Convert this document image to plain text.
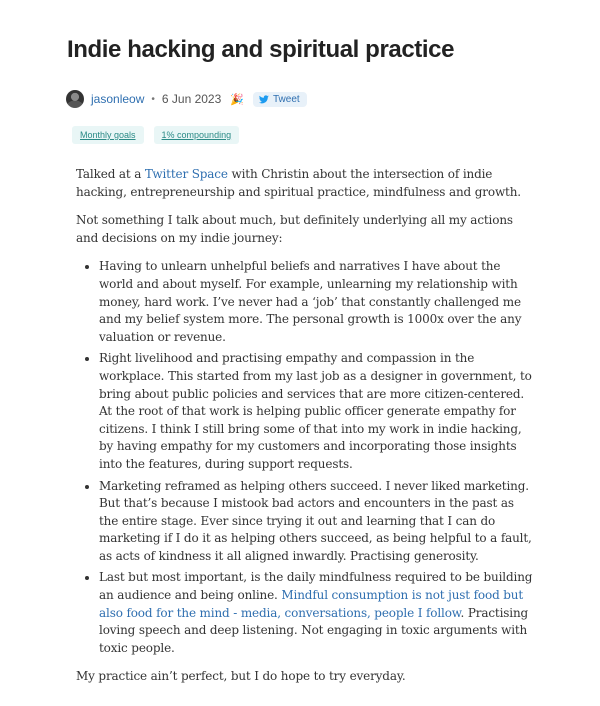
Indie hacking and spiritual practice
jasonleow • 6 Jun 2023 🎉	Tweet
Monthly goals	1% compounding

Talked at a Twitter Space with Christin about the intersection of indie hacking, entrepreneurship and spiritual practice, mindfulness and growth.

Not something I talk about much, but definitely underlying all my actions and decisions on my indie journey:

• Having to unlearn unhelpful beliefs and narratives I have about the world and about myself. For example, unlearning my relationship with money, hard work. I’ve never had a ‘job’ that constantly challenged me and my belief system more. The personal growth is 1000x over the any valuation or revenue.
• Right livelihood and practising empathy and compassion in the workplace. This started from my last job as a designer in government, to bring about public policies and services that are more citizen-centered. At the root of that work is helping public officer generate empathy for citizens. I think I still bring some of that into my work in indie hacking, by having empathy for my customers and incorporating those insights into the features, during support requests.
• Marketing reframed as helping others succeed. I never liked marketing. But that’s because I mistook bad actors and encounters in the past as the entire stage. Ever since trying it out and learning that I can do marketing if I do it as helping others succeed, as being helpful to a fault, as acts of kindness it all aligned inwardly. Practising generosity.
• Last but most important, is the daily mindfulness required to be building an audience and being online. Mindful consumption is not just food but also food for the mind - media, conversations, people I follow. Practising loving speech and deep listening. Not engaging in toxic arguments with toxic people.

My practice ain’t perfect, but I do hope to try everyday.
